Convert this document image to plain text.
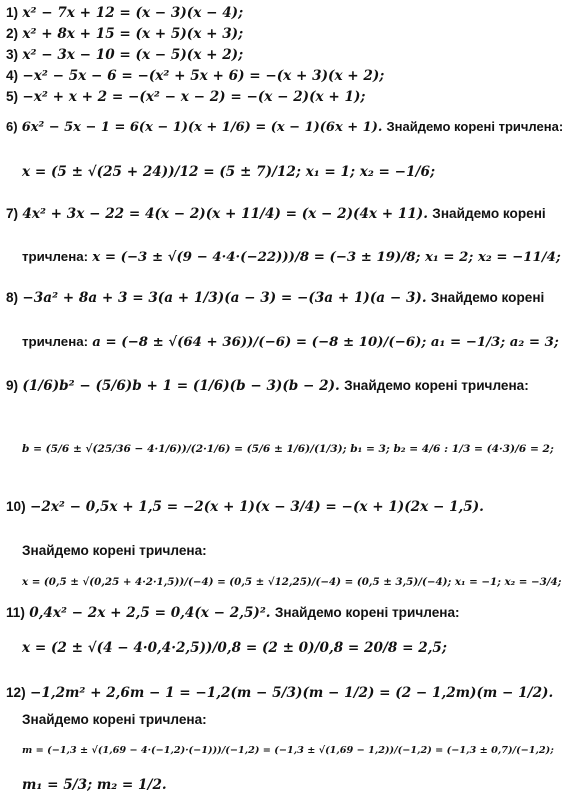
1) x² − 7x + 12 = (x − 3)(x − 4);
2) x² + 8x + 15 = (x + 5)(x + 3);
3) x² − 3x − 10 = (x − 5)(x + 2);
4) −x² − 5x − 6 = −(x² + 5x + 6) = −(x + 3)(x + 2);
5) −x² + x + 2 = −(x² − x − 2) = −(x − 2)(x + 1);
6) 6x² − 5x − 1 = 6(x − 1)(x + 1/6) = (x − 1)(6x + 1). Знайдемо корені тричлена:
x = (5 ± √(25 + 24))/12 = (5 ± 7)/12; x₁ = 1; x₂ = −1/6;
7) 4x² + 3x − 22 = 4(x − 2)(x + 11/4) = (x − 2)(4x + 11). Знайдемо корені
тричлена: x = (−3 ± √(9 − 4·4·(−22)))/8 = (−3 ± 19)/8; x₁ = 2; x₂ = −11/4;
8) −3a² + 8a + 3 = 3(a + 1/3)(a − 3) = −(3a + 1)(a − 3). Знайдемо корені
тричлена: a = (−8 ± √(64 + 36))/(−6) = (−8 ± 10)/(−6); a₁ = −1/3; a₂ = 3;
9) (1/6)b² − (5/6)b + 1 = (1/6)(b − 3)(b − 2). Знайдемо корені тричлена:
b = (5/6 ± √(25/36 − 4·1/6))/(2·1/6) = (5/6 ± 1/6)/(1/3); b₁ = 3; b₂ = 4/6 : 1/3 = (4·3)/6 = 2;
10) −2x² − 0,5x + 1,5 = −2(x + 1)(x − 3/4) = −(x + 1)(2x − 1,5).
Знайдемо корені тричлена:
x = (0,5 ± √(0,25 + 4·2·1,5))/(−4) = (0,5 ± √12,25)/(−4) = (0,5 ± 3,5)/(−4); x₁ = −1; x₂ = −3/4;
11) 0,4x² − 2x + 2,5 = 0,4(x − 2,5)². Знайдемо корені тричлена:
x = (2 ± √(4 − 4·0,4·2,5))/0,8 = (2 ± 0)/0,8 = 20/8 = 2,5;
12) −1,2m² + 2,6m − 1 = −1,2(m − 5/3)(m − 1/2) = (2 − 1,2m)(m − 1/2).
Знайдемо корені тричлена:
m = (−1,3 ± √(1,69 − 4·(−1,2)·(−1)))/(−1,2) = (−1,3 ± √(1,69 − 1,2))/(−1,2) = (−1,3 ± 0,7)/(−1,2);
m₁ = 5/3; m₂ = 1/2.
